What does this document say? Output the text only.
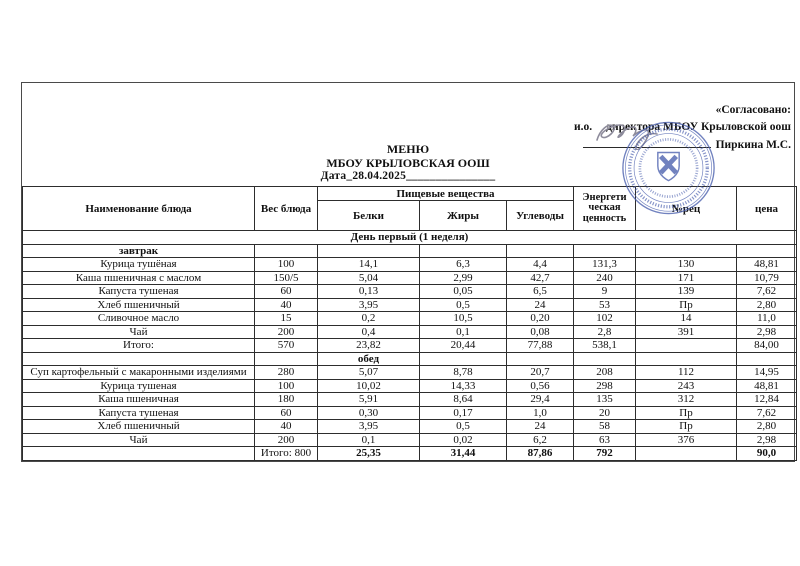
«Согласовано:
и.о. директора МБОУ Крыловской оош
Пиркина М.С.
МЕНЮ
МБОУ КРЫЛОВСКАЯ ООШ
Дата_28.04.2025_______________
Наименование блюда	Вес блюда	Пищевые вещества			Энергети ческая ценность	№рец	цена
		Белки	Жиры	Углеводы			
День первый (1 неделя)							
завтрак							
Курица тушёная	100	14,1	6,3	4,4	131,3	130	48,81
Каша пшеничная с маслом	150/5	5,04	2,99	42,7	240	171	10,79
Капуста тушеная	60	0,13	0,05	6,5	9	139	7,62
Хлеб пшеничный	40	3,95	0,5	24	53	Пр	2,80
Сливочное масло	15	0,2	10,5	0,20	102	14	11,0
Чай	200	0,4	0,1	0,08	2,8	391	2,98
Итого:	570	23,82	20,44	77,88	538,1		84,00
		обед					
Суп картофельный с макаронными изделиями	280	5,07	8,78	20,7	208	112	14,95
Курица тушеная	100	10,02	14,33	0,56	298	243	48,81
Каша пшеничная	180	5,91	8,64	29,4	135	312	12,84
Капуста тушеная	60	0,30	0,17	1,0	20	Пр	7,62
Хлеб пшеничный	40	3,95	0,5	24	58	Пр	2,80
Чай	200	0,1	0,02	6,2	63	376	2,98
	Итого: 800	25,35	31,44	87,86	792		90,0
